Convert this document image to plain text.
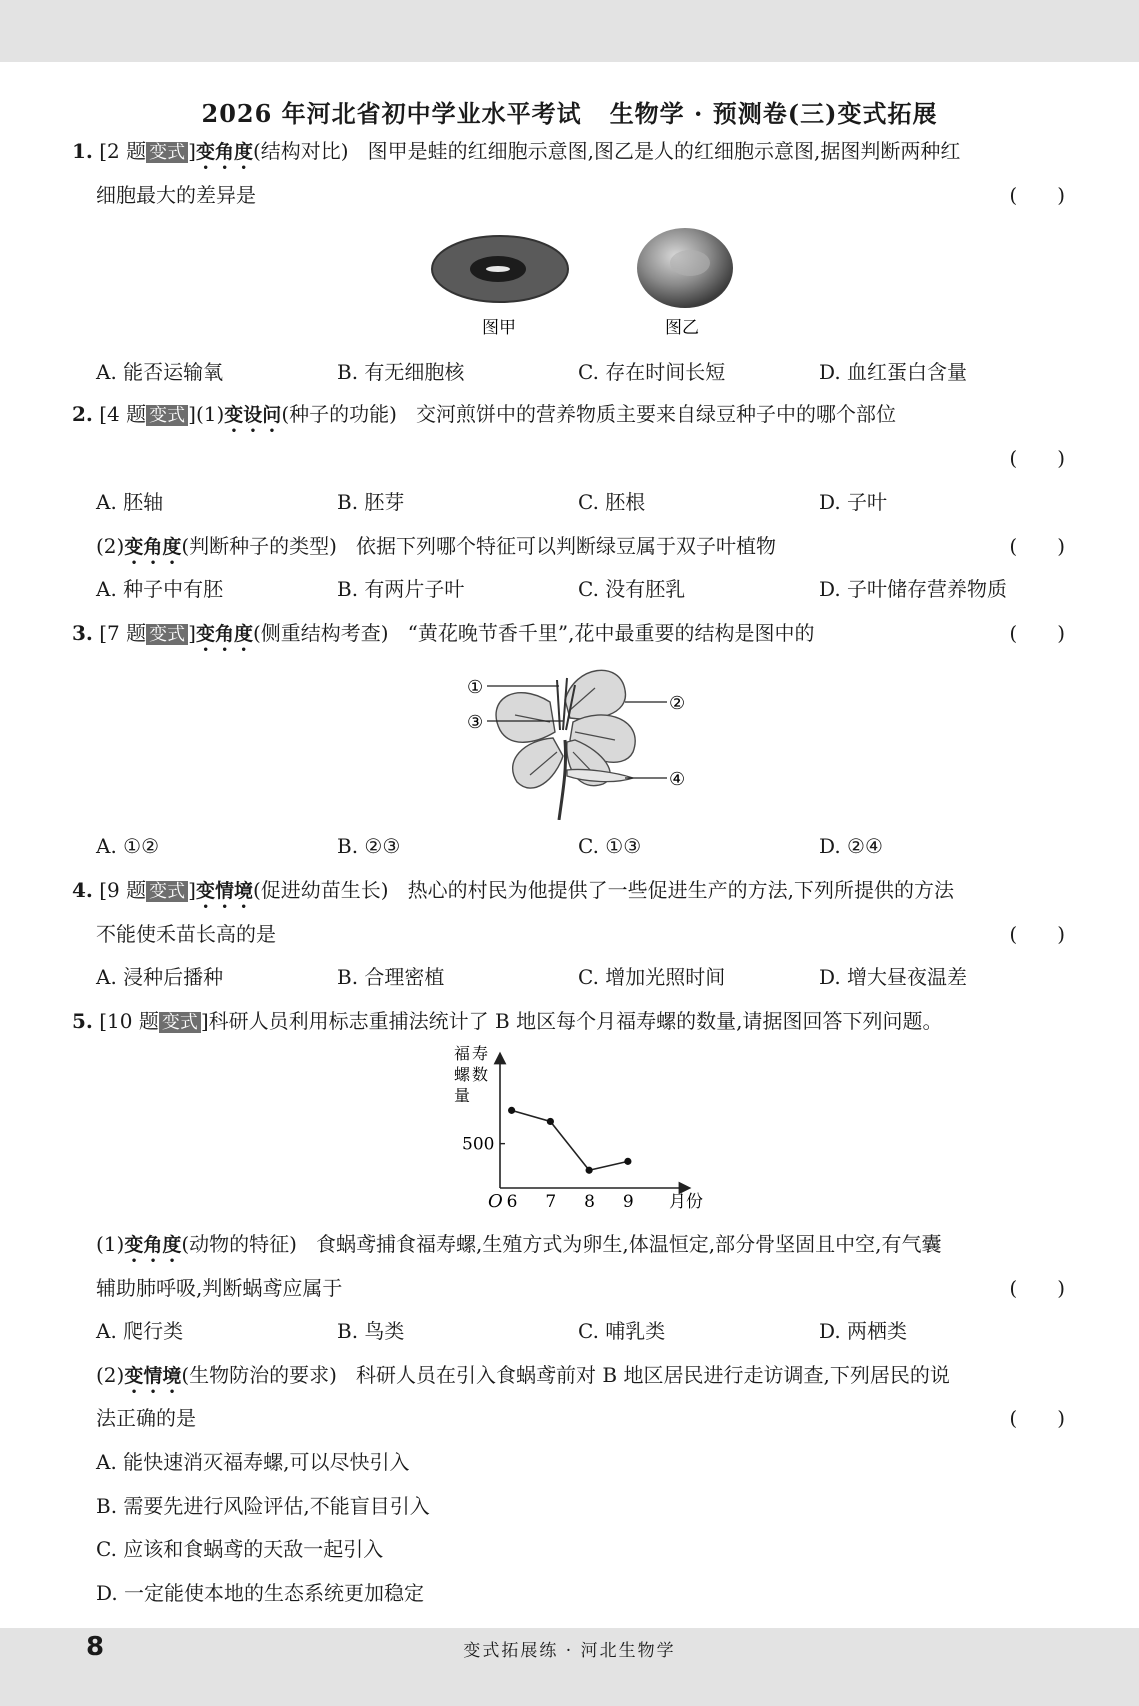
2026 年河北省初中学业水平考试 生物学 · 预测卷(三)变式拓展
1. [2 题 变式 ]变角度(结构对比) 图甲是蛙的红细胞示意图,图乙是人的红细胞示意图,据图判断两种红
细胞最大的差异是	(　　)
图甲	图乙
A. 能否运输氧	B. 有无细胞核	C. 存在时间长短	D. 血红蛋白含量
2. [4 题 变式 ](1)变设问(种子的功能) 交河煎饼中的营养物质主要来自绿豆种子中的哪个部位
(　　)
A. 胚轴	B. 胚芽	C. 胚根	D. 子叶
(2)变角度(判断种子的类型) 依据下列哪个特征可以判断绿豆属于双子叶植物	(　　)
A. 种子中有胚	B. 有两片子叶	C. 没有胚乳	D. 子叶储存营养物质
3. [7 题 变式 ]变角度(侧重结构考查) “黄花晚节香千里”,花中最重要的结构是图中的	(　　)
①
②
③
④
A. ①②	B. ②③	C. ①③	D. ②④
4. [9 题 变式 ]变情境(促进幼苗生长) 热心的村民为他提供了一些促进生产的方法,下列所提供的方法
不能使禾苗长高的是	(　　)
A. 浸种后播种	B. 合理密植	C. 增加光照时间	D. 增大昼夜温差
5. [10 题 变式 ]科研人员利用标志重捕法统计了 B 地区每个月福寿螺的数量,请据图回答下列问题。
福寿
螺数
量
月份
O 6 7 8 9
500
(1)变角度(动物的特征) 食蜗鸢捕食福寿螺,生殖方式为卵生,体温恒定,部分骨坚固且中空,有气囊
辅助肺呼吸,判断蜗鸢应属于	(　　)
A. 爬行类	B. 鸟类	C. 哺乳类	D. 两栖类
(2)变情境(生物防治的要求) 科研人员在引入食蜗鸢前对 B 地区居民进行走访调查,下列居民的说
法正确的是	(　　)
A. 能快速消灭福寿螺,可以尽快引入
B. 需要先进行风险评估,不能盲目引入
C. 应该和食蜗鸢的天敌一起引入
D. 一定能使本地的生态系统更加稳定
8	变式拓展练 · 河北生物学
